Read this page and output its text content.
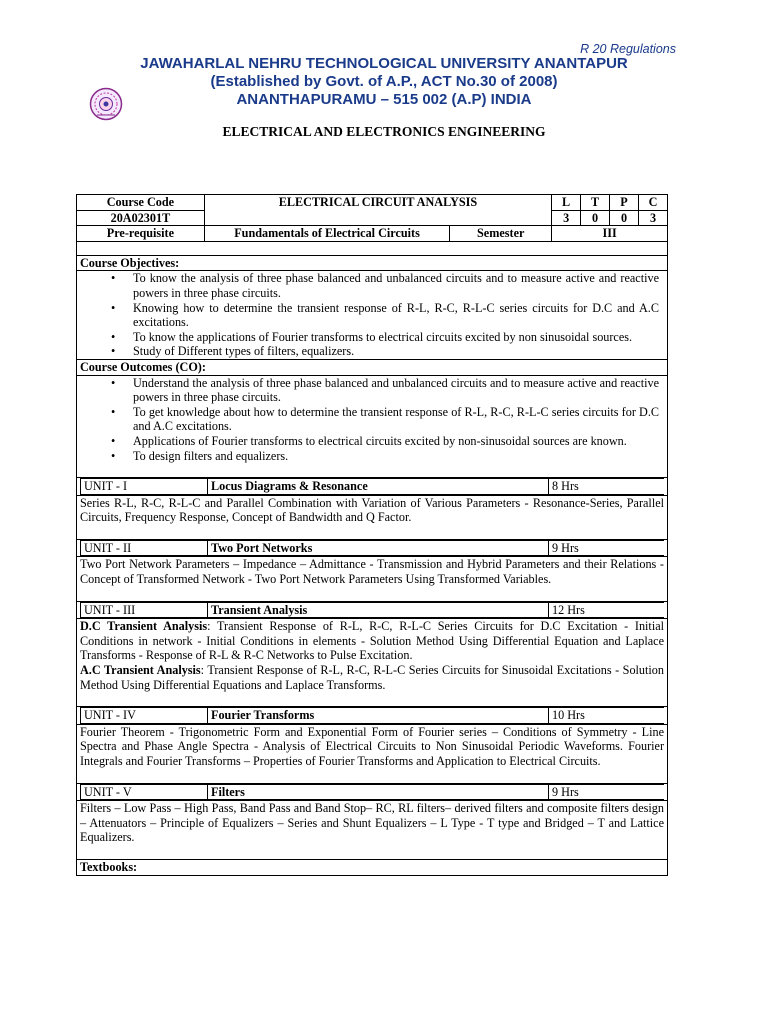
R 20 Regulations
JAWAHARLAL NEHRU TECHNOLOGICAL UNIVERSITY ANANTAPUR
(Established by Govt. of A.P., ACT No.30 of 2008)
ANANTHAPURAMU – 515 002 (A.P) INDIA
ELECTRICAL AND ELECTRONICS ENGINEERING
Course Code	ELECTRICAL CIRCUIT ANALYSIS	L	T	P	C
20A02301T	3	0	0	3
Pre-requisite	Fundamentals of Electrical Circuits	Semester	III

Course Objectives:

• To know the analysis of three phase balanced and unbalanced circuits and to measure active and reactive powers in three phase circuits.
• Knowing how to determine the transient response of R-L, R-C, R-L-C series circuits for D.C and A.C excitations.
• To know the applications of Fourier transforms to electrical circuits excited by non sinusoidal sources.
• Study of Different types of filters, equalizers.

Course Outcomes (CO):

• Understand the analysis of three phase balanced and unbalanced circuits and to measure active and reactive powers in three phase circuits.
• To get knowledge about how to determine the transient response of R-L, R-C, R-L-C series circuits for D.C and A.C excitations.
• Applications of Fourier transforms to electrical circuits excited by non-sinusoidal sources are known.
• To design filters and equalizers.

UNIT - I	Locus Diagrams & Resonance	8 Hrs

Series R-L, R-C, R-L-C and Parallel Combination with Variation of Various Parameters - Resonance-Series, Parallel Circuits, Frequency Response, Concept of Bandwidth and Q Factor.

UNIT - II	Two Port Networks	9 Hrs

Two Port Network Parameters – Impedance – Admittance - Transmission and Hybrid Parameters and their Relations - Concept of Transformed Network - Two Port Network Parameters Using Transformed Variables.

UNIT - III	Transient Analysis	12 Hrs

D.C Transient Analysis: Transient Response of R-L, R-C, R-L-C Series Circuits for D.C Excitation - Initial Conditions in network - Initial Conditions in elements - Solution Method Using Differential Equation and Laplace Transforms - Response of R-L & R-C Networks to Pulse Excitation.
A.C Transient Analysis: Transient Response of R-L, R-C, R-L-C Series Circuits for Sinusoidal Excitations - Solution Method Using Differential Equations and Laplace Transforms.

UNIT - IV	Fourier Transforms	10 Hrs

Fourier Theorem - Trigonometric Form and Exponential Form of Fourier series – Conditions of Symmetry - Line Spectra and Phase Angle Spectra - Analysis of Electrical Circuits to Non Sinusoidal Periodic Waveforms. Fourier Integrals and Fourier Transforms – Properties of Fourier Transforms and Application to Electrical Circuits.

UNIT - V	Filters	9 Hrs

Filters – Low Pass – High Pass, Band Pass and Band Stop– RC, RL filters– derived filters and composite filters design – Attenuators – Principle of Equalizers – Series and Shunt Equalizers – L Type - T type and Bridged – T and Lattice Equalizers.
Textbooks:
